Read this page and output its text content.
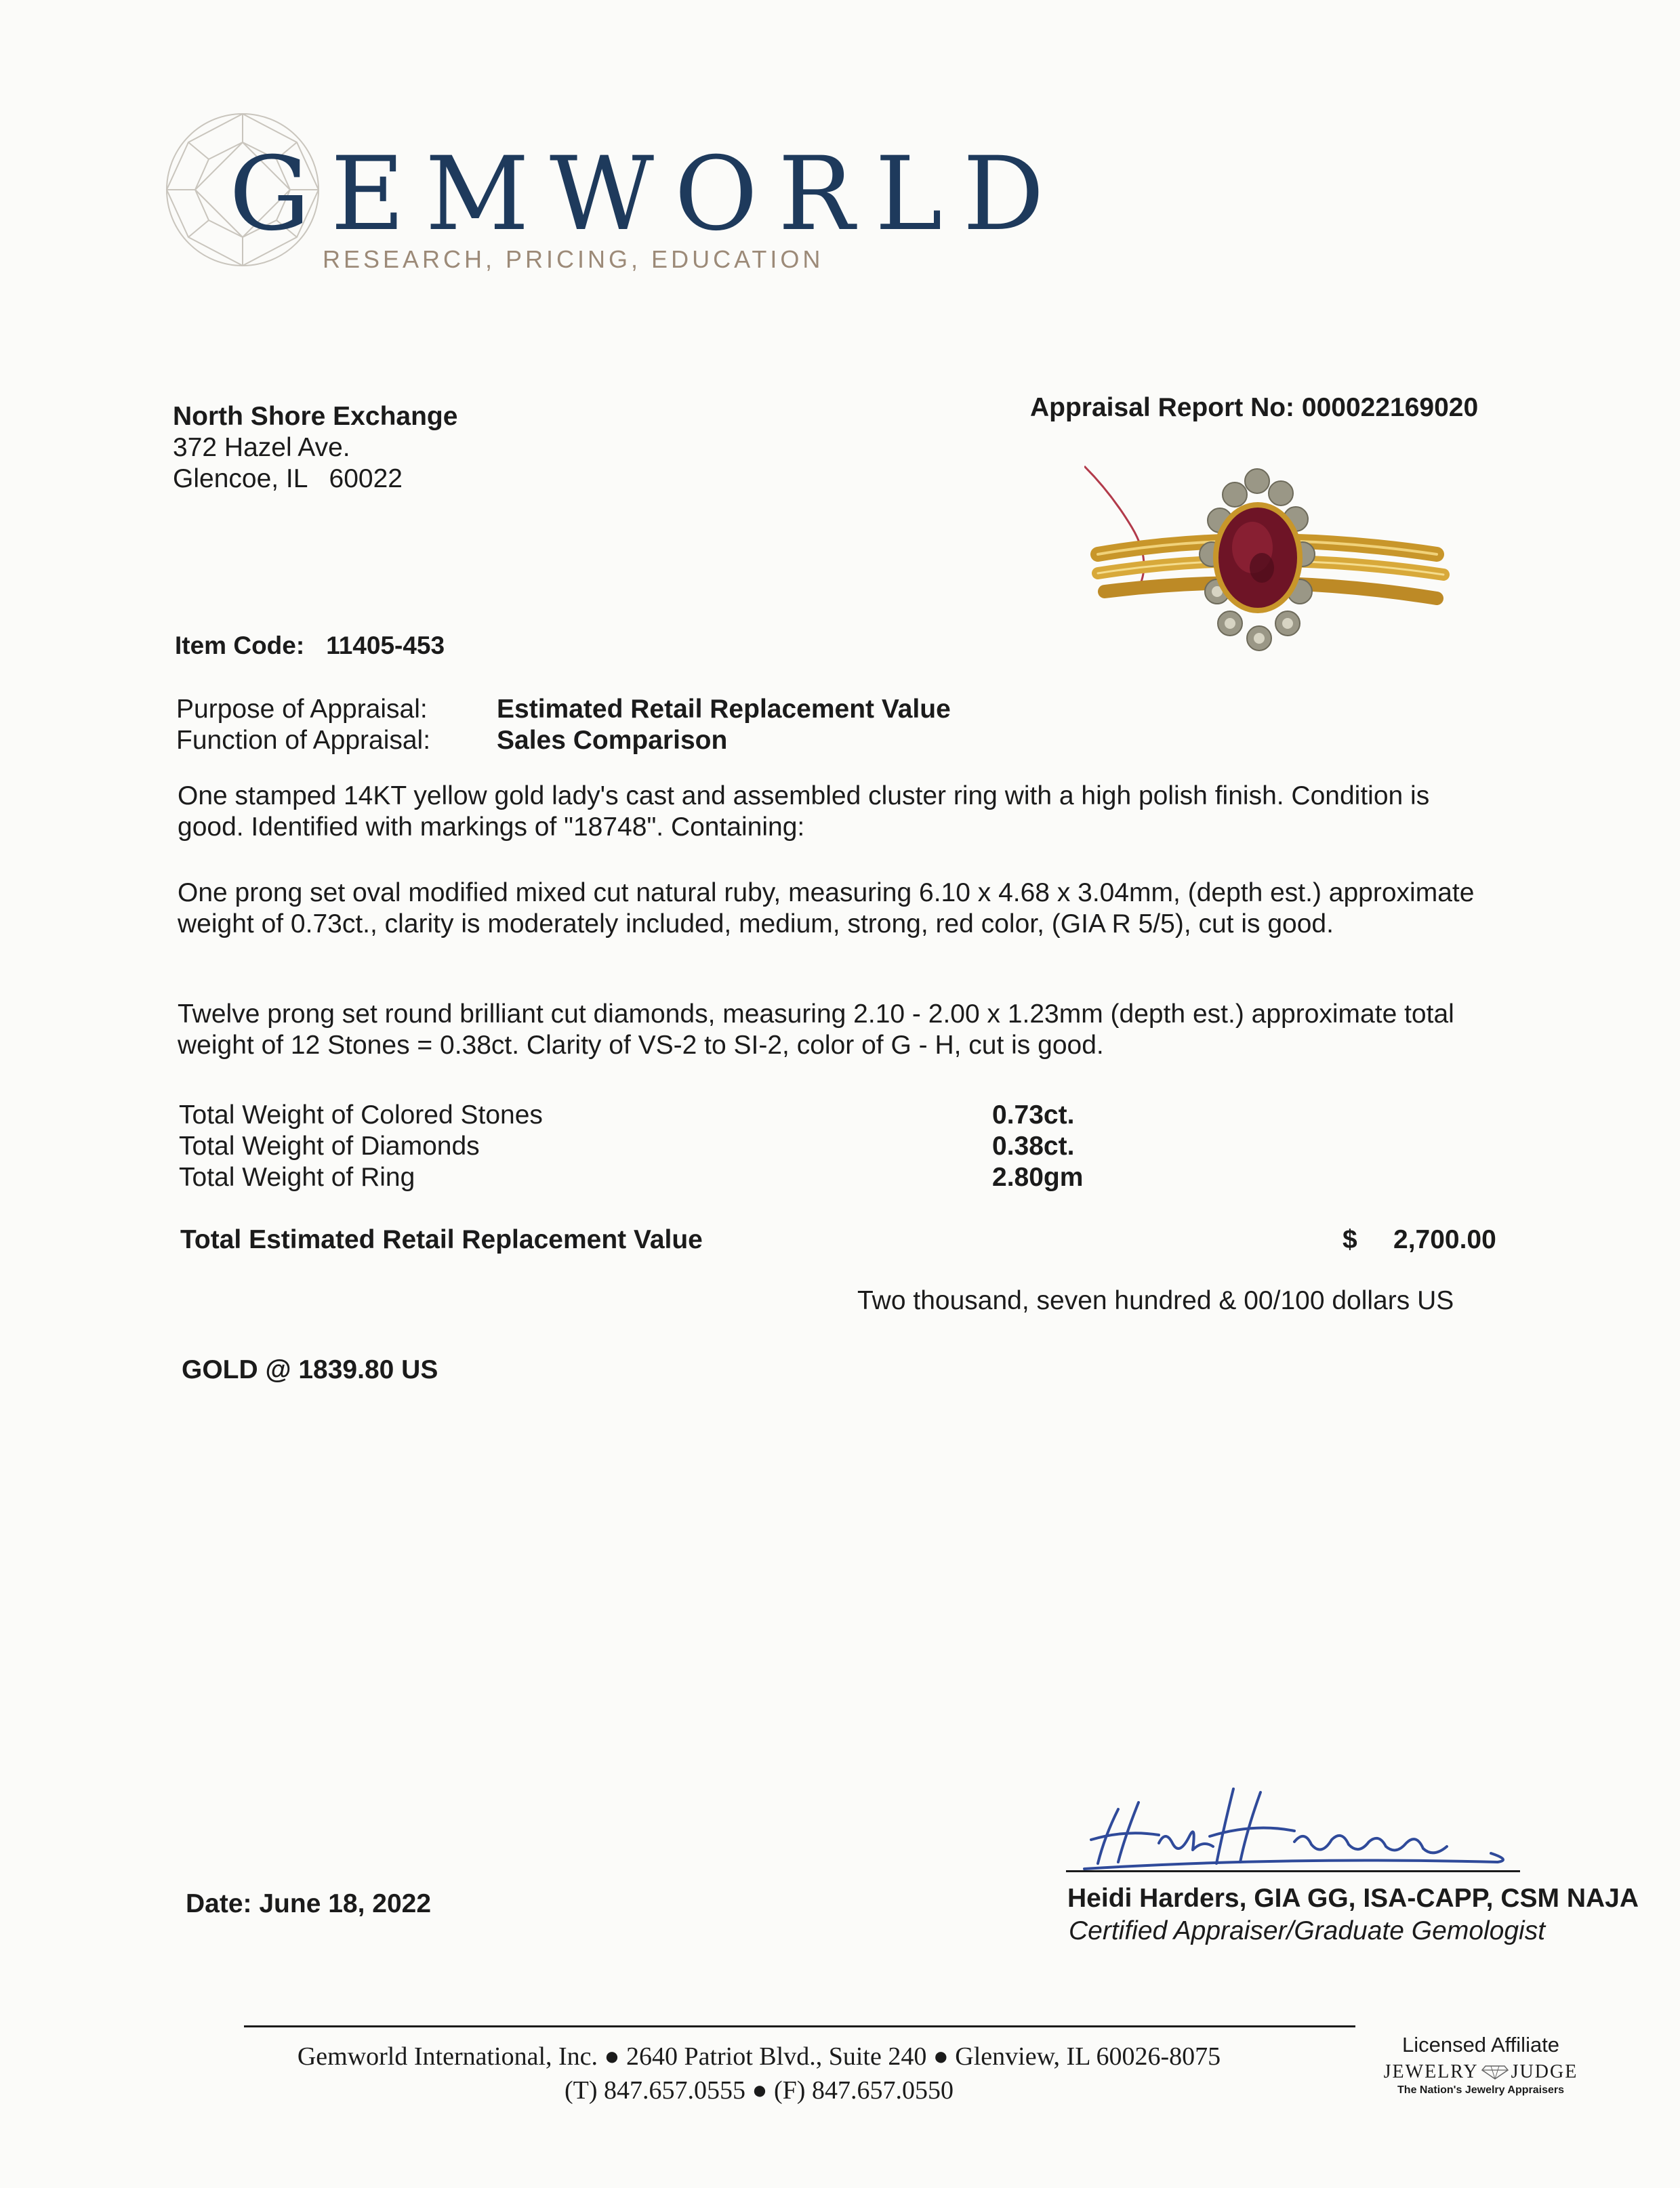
GEMWORLD
RESEARCH, PRICING, EDUCATION
North Shore Exchange
372 Hazel Ave.
Glencoe, IL   60022
Appraisal Report No: 000022169020
Item Code: 11405-453
Purpose of Appraisal:	Estimated Retail Replacement Value
Function of Appraisal:	Sales Comparison
One stamped 14KT yellow gold lady's cast and assembled cluster ring with a high polish finish. Condition is good. Identified with markings of "18748". Containing:
One prong set oval modified mixed cut natural ruby, measuring 6.10 x 4.68 x 3.04mm, (depth est.) approximate weight of 0.73ct., clarity is moderately included, medium, strong, red color, (GIA R 5/5), cut is good.
Twelve prong set round brilliant cut diamonds, measuring 2.10 - 2.00 x 1.23mm (depth est.) approximate total weight of 12 Stones = 0.38ct. Clarity of VS-2 to SI-2, color of G - H, cut is good.
Total Weight of Colored Stones	0.73ct.
Total Weight of Diamonds	0.38ct.
Total Weight of Ring	2.80gm
Total Estimated Retail Replacement Value	$ 2,700.00
Two thousand, seven hundred & 00/100 dollars US
GOLD @ 1839.80 US
Date: June 18, 2022	Heidi Harders, GIA GG, ISA-CAPP, CSM NAJA
Certified Appraiser/Graduate Gemologist
Gemworld International, Inc. ● 2640 Patriot Blvd., Suite 240 ● Glenview, IL 60026-8075
(T) 847.657.0555 ● (F) 847.657.0550
Licensed Affiliate
JEWELRY JUDGE
The Nation's Jewelry Appraisers
